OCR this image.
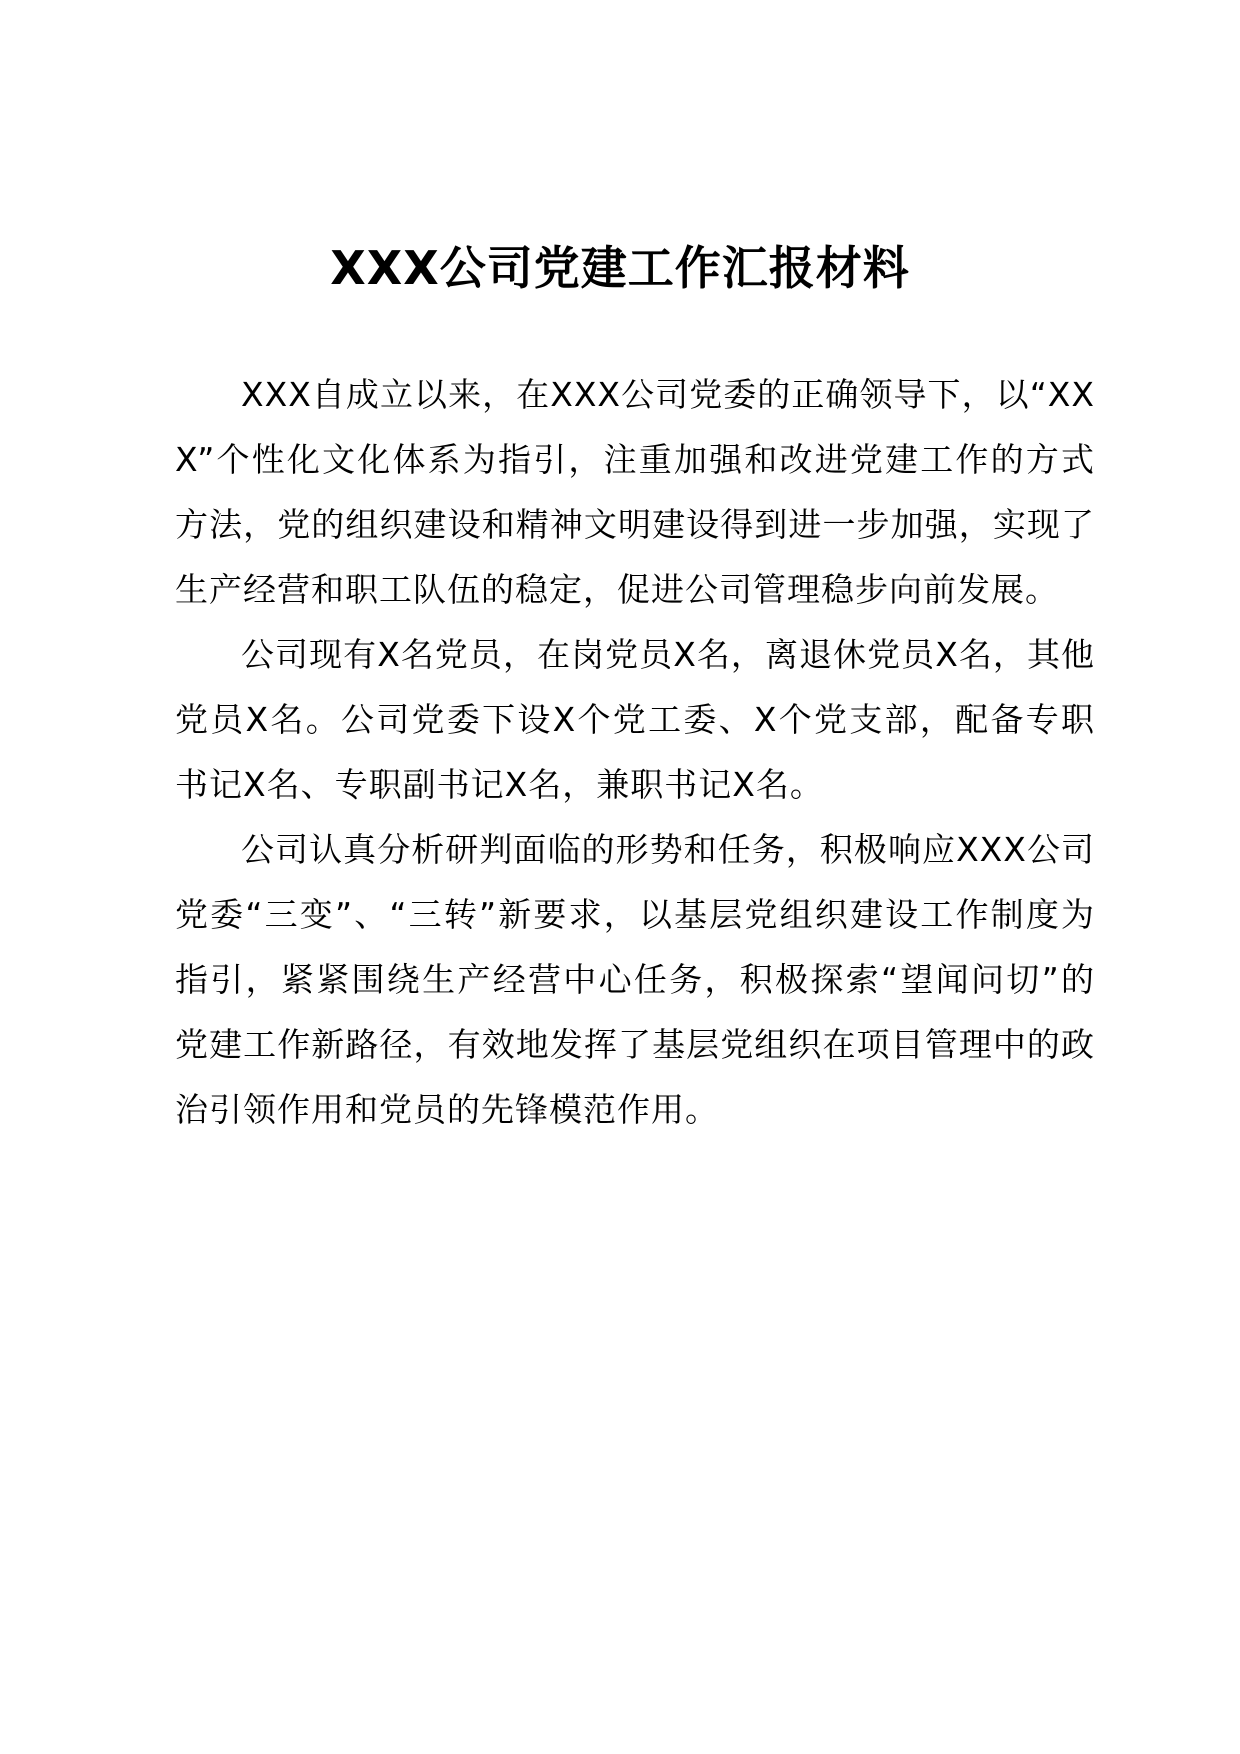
XXX公司党建工作汇报材料

XXX自成立以来，在XXX公司党委的正确领导下，以“XXX”个性化文化体系为指引，注重加强和改进党建工作的方式方法，党的组织建设和精神文明建设得到进一步加强，实现了生产经营和职工队伍的稳定，促进公司管理稳步向前发展。

公司现有X名党员，在岗党员X名，离退休党员X名，其他党员X名。公司党委下设X个党工委、X个党支部，配备专职书记X名、专职副书记X名，兼职书记X名。

公司认真分析研判面临的形势和任务，积极响应XXX公司党委“三变”、“三转”新要求，以基层党组织建设工作制度为指引，紧紧围绕生产经营中心任务，积极探索“望闻问切”的党建工作新路径，有效地发挥了基层党组织在项目管理中的政治引领作用和党员的先锋模范作用。
